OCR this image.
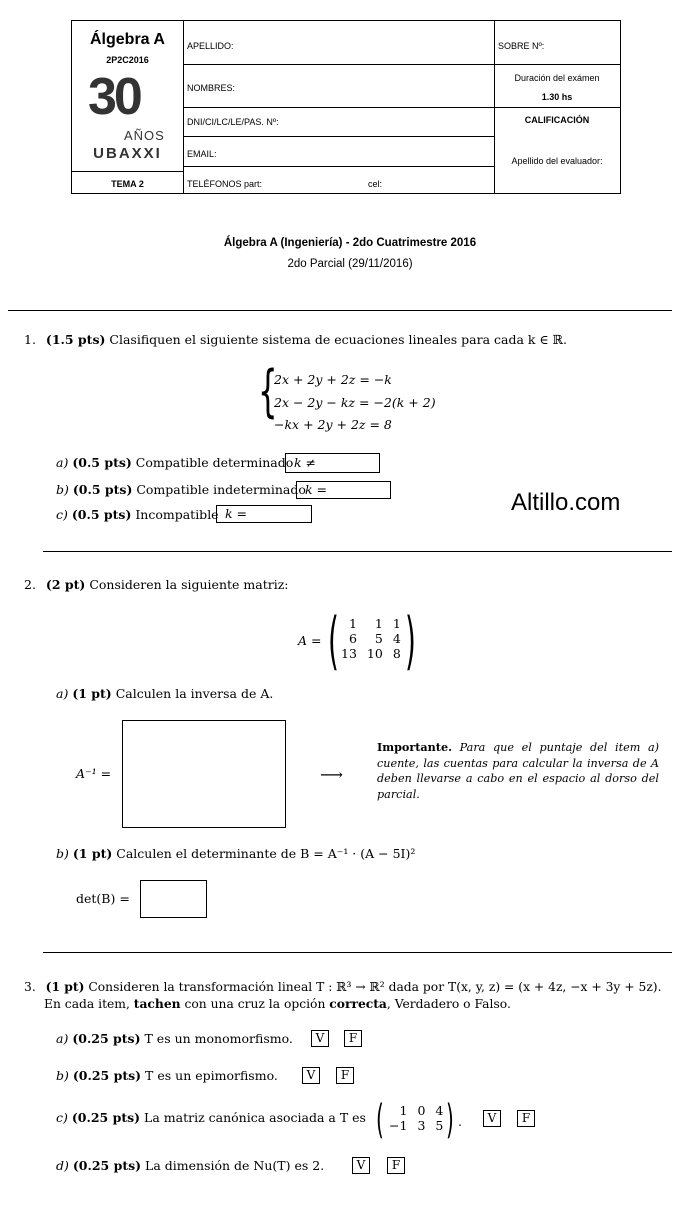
Álgebra A
2P2C2016
30
AÑOS
UBAXXI
TEMA 2
APELLIDO:
NOMBRES:
DNI/CI/LC/LE/PAS. Nº:
EMAIL:
TELÉFONOS part:	cel:
SOBRE Nº:
Duración del exámen
1.30 hs
CALIFICACIÓN
Apellido del evaluador:
Álgebra A (Ingeniería) - 2do Cuatrimestre 2016
2do Parcial (29/11/2016)
1. (1.5 pts) Clasifiquen el siguiente sistema de ecuaciones lineales para cada k ∈ ℝ.
{
2x + 2y + 2z = −k
2x − 2y − kz = −2(k + 2)
−kx + 2y + 2z = 8
a) (0.5 pts) Compatible determinado k ≠
b) (0.5 pts) Compatible indeterminado k =
c) (0.5 pts) Incompatible k =	Altillo.com
2. (2 pt) Consideren la siguiente matriz:
A = ( 1	1	1
6	5	4
13	10	8 )
a) (1 pt) Calculen la inversa de A.
A⁻¹ =	⟶
Importante. Para que el puntaje del item a) cuente, las cuentas para calcular la inversa de A deben llevarse a cabo en el espacio al dorso del parcial.
b) (1 pt) Calculen el determinante de B = A⁻¹ · (A − 5I)²
det(B) =
3. (1 pt) Consideren la transformación lineal T : ℝ³ → ℝ² dada por T(x, y, z) = (x + 4z, −x + 3y + 5z).
En cada item, tachen con una cruz la opción correcta, Verdadero o Falso.
a) (0.25 pts) T es un monomorfismo.	V	F
b) (0.25 pts) T es un epimorfismo.	V	F
c) (0.25 pts) La matriz canónica asociada a T es ( 1	0	4
−1	3	5 ) .	V	F
d) (0.25 pts) La dimensión de Nu(T) es 2.	V	F
